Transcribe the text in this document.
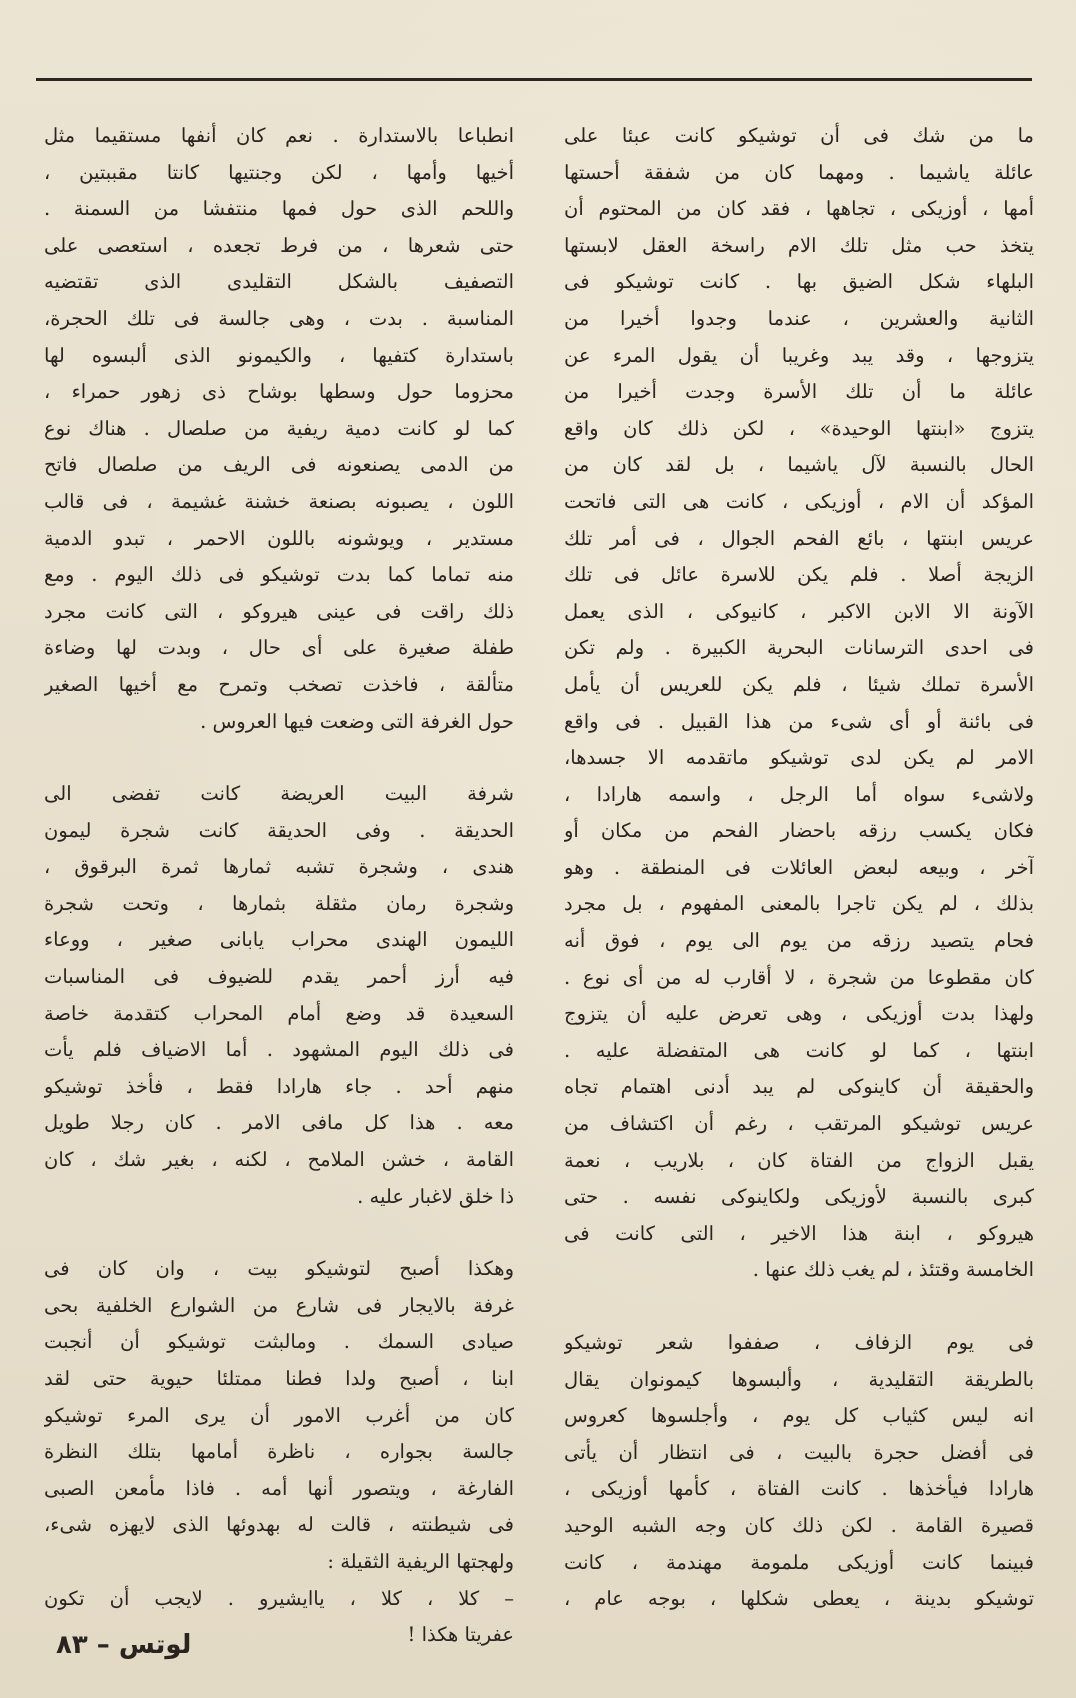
ما من شك فى أن توشيكو كانت عبئا على
عائلة ياشيما . ومهما كان من شفقة أحستها
أمها ، أوزيكى ، تجاهها ، فقد كان من المحتوم أن
يتخذ حب مثل تلك الام راسخة العقل لابستها
البلهاء شكل الضيق بها . كانت توشيكو فى
الثانية والعشرين ، عندما وجدوا أخيرا من
يتزوجها ، وقد يبد وغريبا أن يقول المرء عن
عائلة ما أن تلك الأسرة وجدت أخيرا من
يتزوج «ابنتها الوحيدة» ، لكن ذلك كان واقع
الحال بالنسبة لآل ياشيما ، بل لقد كان من
المؤكد أن الام ، أوزيكى ، كانت هى التى فاتحت
عريس ابنتها ، بائع الفحم الجوال ، فى أمر تلك
الزيجة أصلا . فلم يكن للاسرة عائل فى تلك
الآونة الا الابن الاكبر ، كانيوكى ، الذى يعمل
فى احدى الترسانات البحرية الكبيرة . ولم تكن
الأسرة تملك شيئا ، فلم يكن للعريس أن يأمل
فى بائنة أو أى شىء من هذا القبيل . فى واقع
الامر لم يكن لدى توشيكو ماتقدمه الا جسدها،
ولاشىء سواه أما الرجل ، واسمه هارادا ،
فكان يكسب رزقه باحضار الفحم من مكان أو
آخر ، وبيعه لبعض العائلات فى المنطقة . وهو
بذلك ، لم يكن تاجرا بالمعنى المفهوم ، بل مجرد
فحام يتصيد رزقه من يوم الى يوم ، فوق أنه
كان مقطوعا من شجرة ، لا أقارب له من أى نوع .
ولهذا بدت أوزيكى ، وهى تعرض عليه أن يتزوج
ابنتها ، كما لو كانت هى المتفضلة عليه .
والحقيقة أن كاينوكى لم يبد أدنى اهتمام تجاه
عريس توشيكو المرتقب ، رغم أن اكتشاف من
يقبل الزواج من الفتاة كان ، بلاريب ، نعمة
كبرى بالنسبة لأوزيكى ولكاينوكى نفسه . حتى
هيروكو ، ابنة هذا الاخير ، التى كانت فى
الخامسة وقتئذ ، لم يغب ذلك عنها .
فى يوم الزفاف ، صففوا شعر توشيكو
بالطريقة التقليدية ، وألبسوها كيمونوان يقال
انه ليس كثياب كل يوم ، وأجلسوها كعروس
فى أفضل حجرة بالبيت ، فى انتظار أن يأتى
هارادا فيأخذها . كانت الفتاة ، كأمها أوزيكى ،
قصيرة القامة . لكن ذلك كان وجه الشبه الوحيد
فبينما كانت أوزيكى ملمومة مهندمة ، كانت
توشيكو بدينة ، يعطى شكلها ، بوجه عام ،
انطباعا بالاستدارة . نعم كان أنفها مستقيما مثل
أخيها وأمها ، لكن وجنتيها كانتا مقببتين ،
واللحم الذى حول فمها منتفشا من السمنة .
حتى شعرها ، من فرط تجعده ، استعصى على
التصفيف بالشكل التقليدى الذى تقتضيه
المناسبة . بدت ، وهى جالسة فى تلك الحجرة،
باستدارة كتفيها ، والكيمونو الذى ألبسوه لها
محزوما حول وسطها بوشاح ذى زهور حمراء ،
كما لو كانت دمية ريفية من صلصال . هناك نوع
من الدمى يصنعونه فى الريف من صلصال فاتح
اللون ، يصبونه بصنعة خشنة غشيمة ، فى قالب
مستدير ، ويوشونه باللون الاحمر ، تبدو الدمية
منه تماما كما بدت توشيكو فى ذلك اليوم . ومع
ذلك راقت فى عينى هيروكو ، التى كانت مجرد
طفلة صغيرة على أى حال ، وبدت لها وضاءة
متألقة ، فاخذت تصخب وتمرح مع أخيها الصغير
حول الغرفة التى وضعت فيها العروس .
شرفة البيت العريضة كانت تفضى الى
الحديقة . وفى الحديقة كانت شجرة ليمون
هندى ، وشجرة تشبه ثمارها ثمرة البرقوق ،
وشجرة رمان مثقلة بثمارها ، وتحت شجرة
الليمون الهندى محراب يابانى صغير ، ووعاء
فيه أرز أحمر يقدم للضيوف فى المناسبات
السعيدة قد وضع أمام المحراب كتقدمة خاصة
فى ذلك اليوم المشهود . أما الاضياف فلم يأت
منهم أحد . جاء هارادا فقط ، فأخذ توشيكو
معه . هذا كل مافى الامر . كان رجلا طويل
القامة ، خشن الملامح ، لكنه ، بغير شك ، كان
ذا خلق لاغبار عليه .
وهكذا أصبح لتوشيكو بيت ، وان كان فى
غرفة بالايجار فى شارع من الشوارع الخلفية بحى
صيادى السمك . ومالبثت توشيكو أن أنجبت
ابنا ، أصبح ولدا فطنا ممتلئا حيوية حتى لقد
كان من أغرب الامور أن يرى المرء توشيكو
جالسة بجواره ، ناظرة أمامها بتلك النظرة
الفارغة ، ويتصور أنها أمه . فاذا مأمعن الصبى
فى شيطنته ، قالت له بهدوئها الذى لايهزه شىء،
ولهجتها الريفية الثقيلة :
– كلا ، كلا ، ياايشيرو . لايجب أن تكون
عفريتا هكذا !
لوتس – ٨٣
